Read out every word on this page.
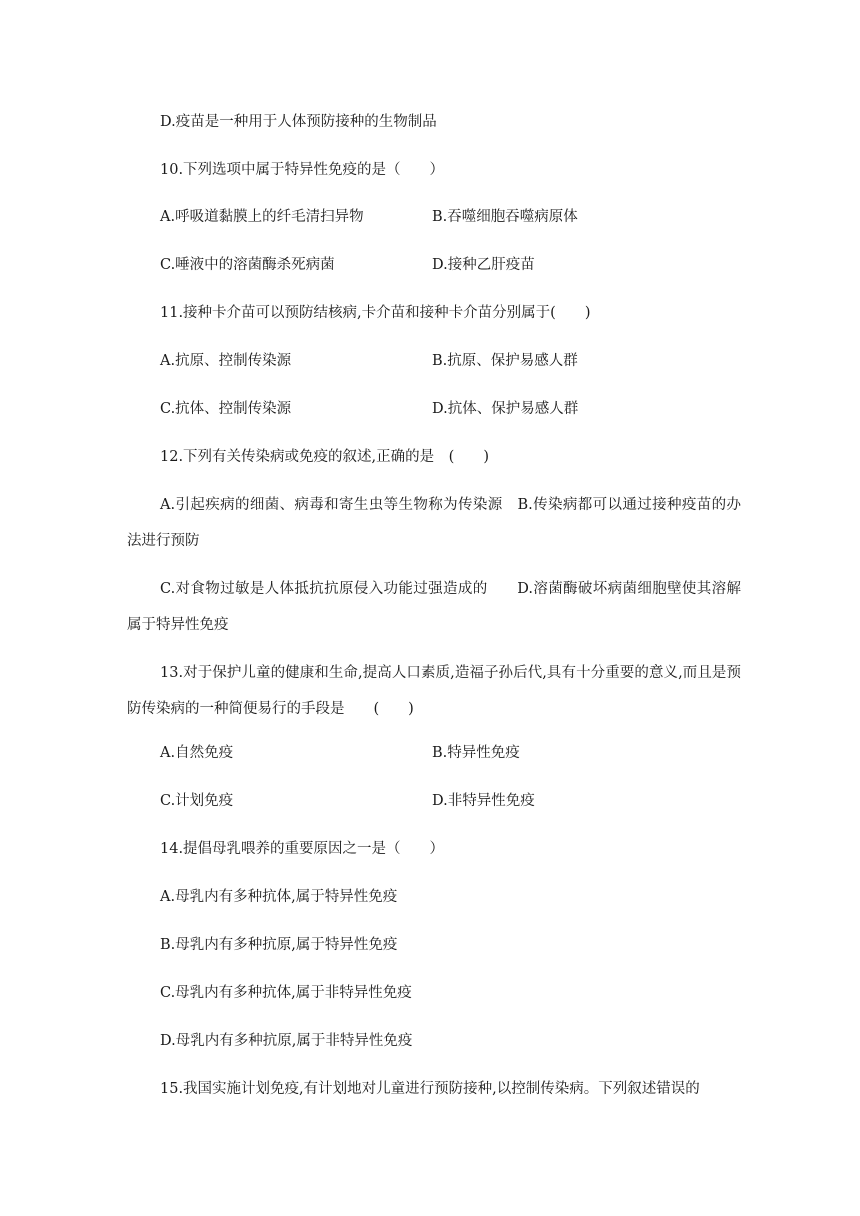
D.疫苗是一种用于人体预防接种的生物制品
10.下列选项中属于特异性免疫的是（　　）
A.呼吸道黏膜上的纤毛清扫异物	B.吞噬细胞吞噬病原体
C.唾液中的溶菌酶杀死病菌	D.接种乙肝疫苗
11.接种卡介苗可以预防结核病,卡介苗和接种卡介苗分别属于(　　)
A.抗原、控制传染源	B.抗原、保护易感人群
C.抗体、控制传染源	D.抗体、保护易感人群
12.下列有关传染病或免疫的叙述,正确的是　(　　)
A.引起疾病的细菌、病毒和寄生虫等生物称为传染源　B.传染病都可以通过接种疫苗的办法进行预防
C.对食物过敏是人体抵抗抗原侵入功能过强造成的　　D.溶菌酶破坏病菌细胞壁使其溶解属于特异性免疫
13.对于保护儿童的健康和生命,提高人口素质,造福子孙后代,具有十分重要的意义,而且是预防传染病的一种简便易行的手段是　　(　　)
A.自然免疫	B.特异性免疫
C.计划免疫	D.非特异性免疫
14.提倡母乳喂养的重要原因之一是（　　）
A.母乳内有多种抗体,属于特异性免疫
B.母乳内有多种抗原,属于特异性免疫
C.母乳内有多种抗体,属于非特异性免疫
D.母乳内有多种抗原,属于非特异性免疫
15.我国实施计划免疫,有计划地对儿童进行预防接种,以控制传染病。下列叙述错误的
